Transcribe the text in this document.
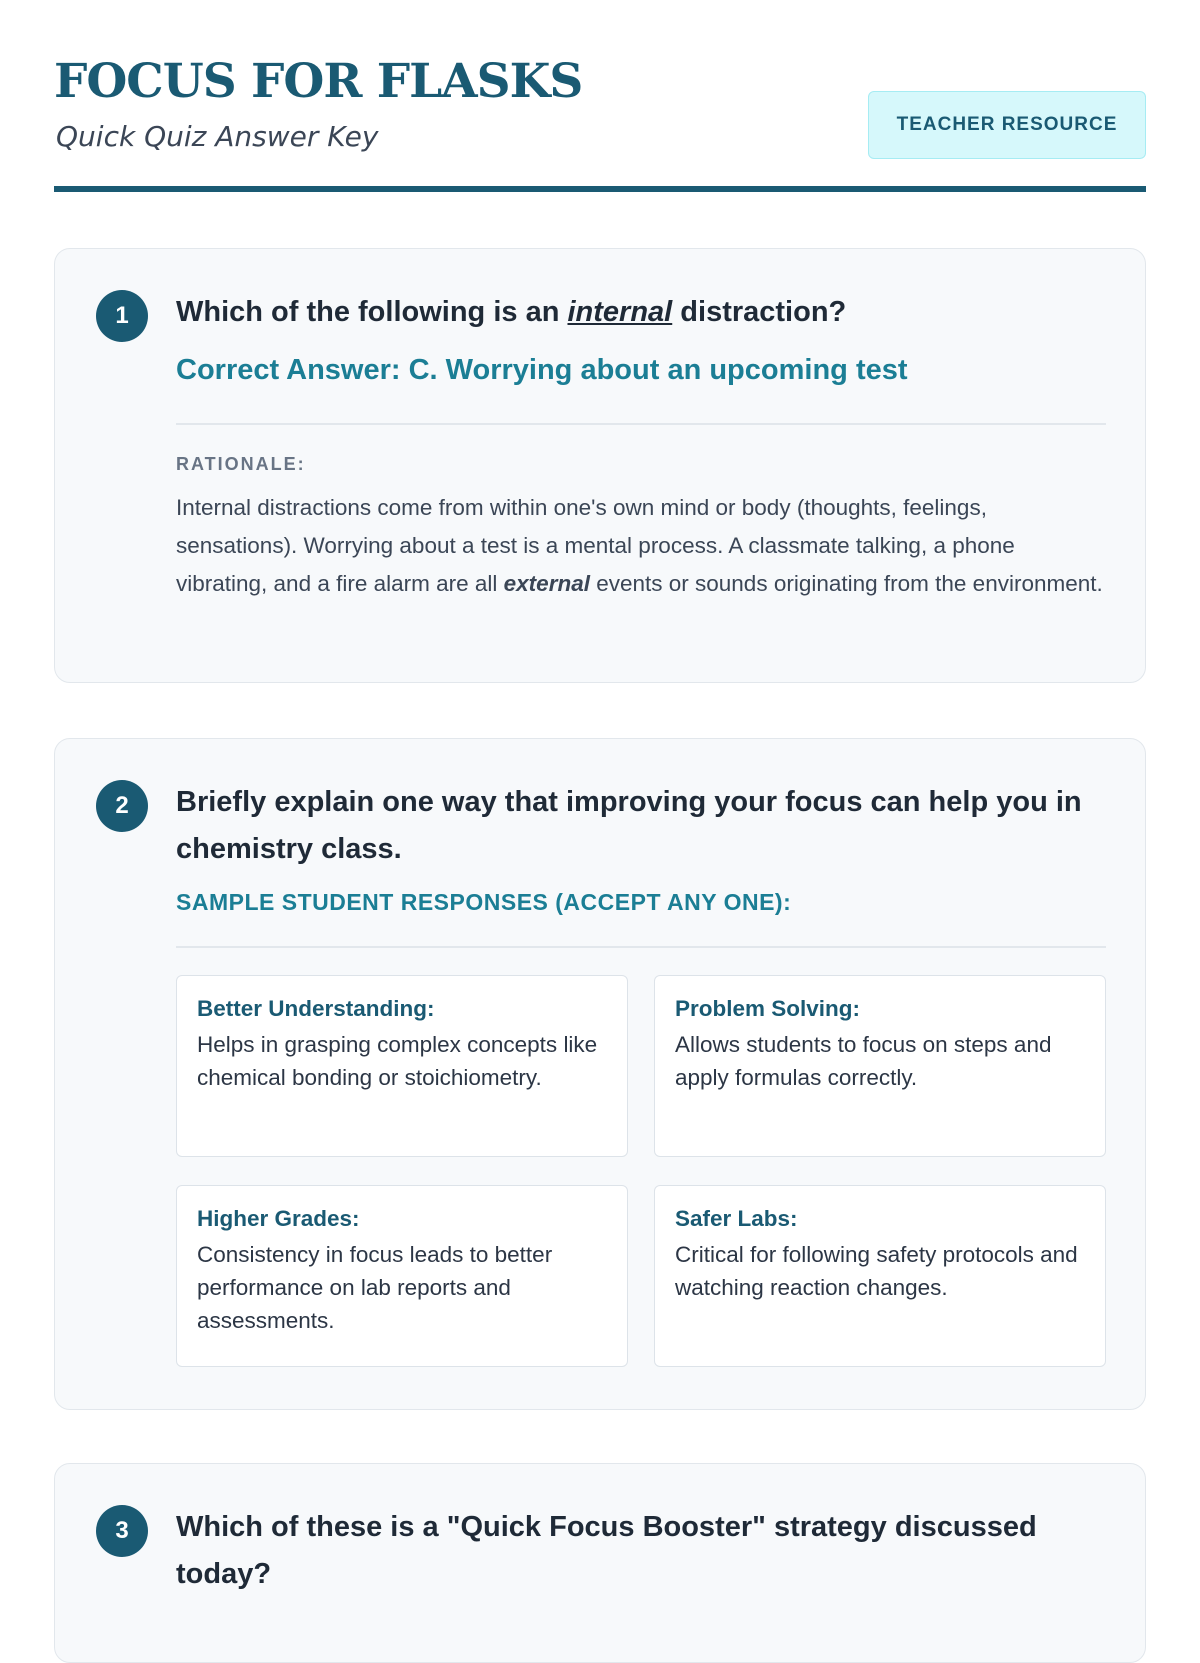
FOCUS FOR FLASKS
Quick Quiz Answer Key	TEACHER RESOURCE
1	Which of the following is an internal distraction?

Correct Answer: C. Worrying about an upcoming test
RATIONALE:

Internal distractions come from within one's own mind or body (thoughts, feelings, sensations). Worrying about a test is a mental process. A classmate talking, a phone vibrating, and a fire alarm are all external events or sounds originating from the environment.

2	Briefly explain one way that improving your focus can help you in chemistry class.

SAMPLE STUDENT RESPONSES (ACCEPT ANY ONE):
Better Understanding:
Helps in grasping complex concepts like chemical bonding or stoichiometry.
Problem Solving:
Allows students to focus on steps and apply formulas correctly.
Higher Grades:
Consistency in focus leads to better performance on lab reports and assessments.
Safer Labs:
Critical for following safety protocols and watching reaction changes.
3	Which of these is a "Quick Focus Booster" strategy discussed today?
